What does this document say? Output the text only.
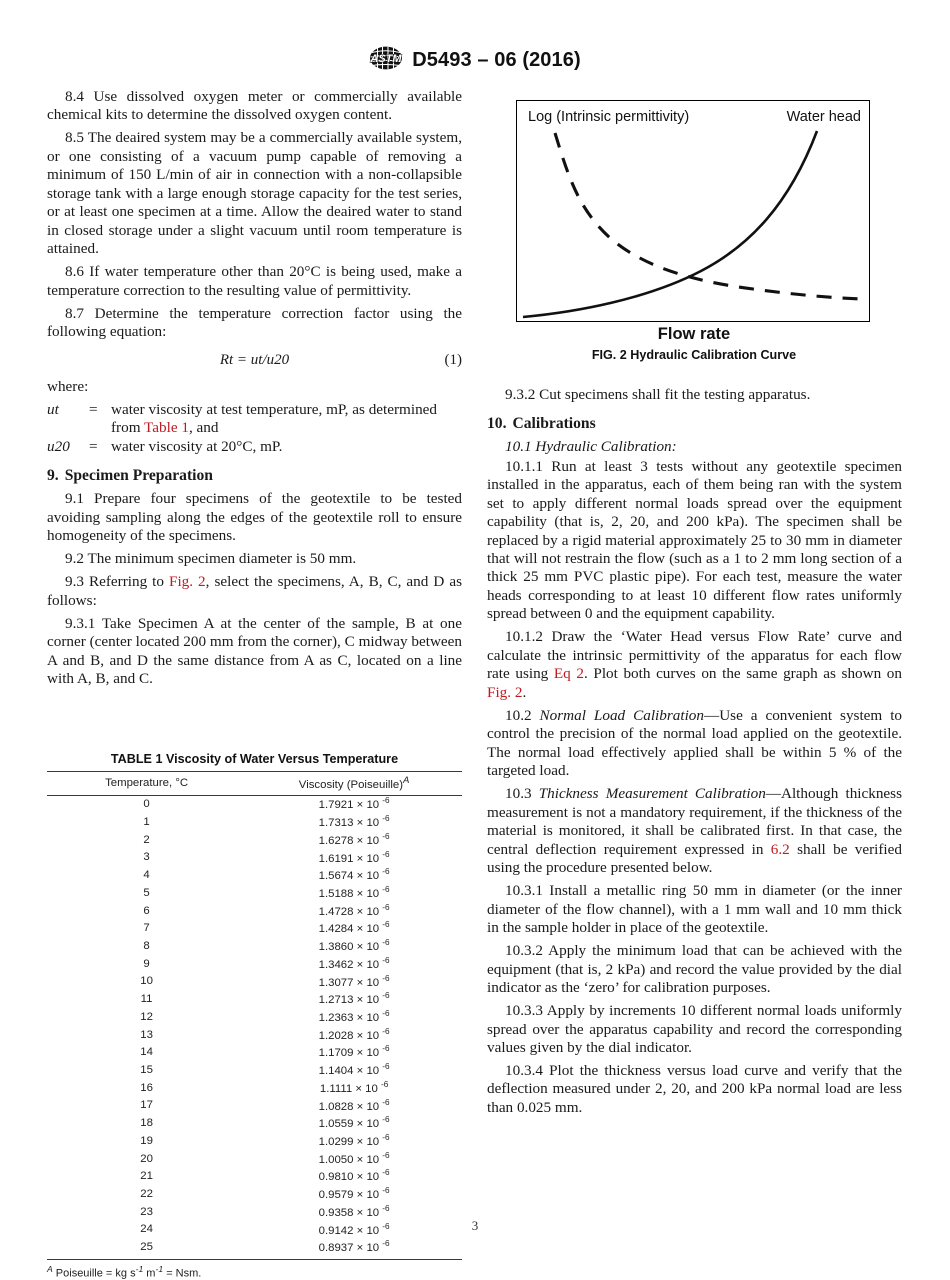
ASTM D5493 – 06 (2016)

8.4 Use dissolved oxygen meter or commercially available chemical kits to determine the dissolved oxygen content.

8.5 The deaired system may be a commercially available system, or one consisting of a vacuum pump capable of removing a minimum of 150 L/min of air in connection with a non-collapsible storage tank with a large enough storage capacity for the test series, or at least one specimen at a time. Allow the deaired water to stand in closed storage under a slight vacuum until room temperature is attained.

8.6 If water temperature other than 20°C is being used, make a temperature correction to the resulting value of permittivity.

8.7 Determine the temperature correction factor using the following equation:

Rt = ut/u20	(1)

where:

ut	= water viscosity at test temperature, mP, as determined from Table 1, and
u20	= water viscosity at 20°C, mP.
9. Specimen Preparation

9.1 Prepare four specimens of the geotextile to be tested avoiding sampling along the edges of the geotextile roll to ensure homogeneity of the specimens.

9.2 The minimum specimen diameter is 50 mm.

9.3 Referring to Fig. 2, select the specimens, A, B, C, and D as follows:

9.3.1 Take Specimen A at the center of the sample, B at one corner (center located 200 mm from the corner), C midway between A and B, and D the same distance from A as C, located on a line with A, B, and C.

Log (Intrinsic permittivity)	Water head
Flow rate
FIG. 2 Hydraulic Calibration Curve
TABLE 1 Viscosity of Water Versus Temperature
Temperature, °C	Viscosity (Poiseuille)$^A$
0	1.7921 × 10 $^{-6}$
1	1.7313 × 10 $^{-6}$
2	1.6278 × 10 $^{-6}$
3	1.6191 × 10 $^{-6}$
4	1.5674 × 10 $^{-6}$
5	1.5188 × 10 $^{-6}$
6	1.4728 × 10 $^{-6}$
7	1.4284 × 10 $^{-6}$
8	1.3860 × 10 $^{-6}$
9	1.3462 × 10 $^{-6}$
10	1.3077 × 10 $^{-6}$
11	1.2713 × 10 $^{-6}$
12	1.2363 × 10 $^{-6}$
13	1.2028 × 10 $^{-6}$
14	1.1709 × 10 $^{-6}$
15	1.1404 × 10 $^{-6}$
16	1.1111 × 10 $^{-6}$
17	1.0828 × 10 $^{-6}$
18	1.0559 × 10 $^{-6}$
19	1.0299 × 10 $^{-6}$
20	1.0050 × 10 $^{-6}$
21	0.9810 × 10 $^{-6}$
22	0.9579 × 10 $^{-6}$
23	0.9358 × 10 $^{-6}$
24	0.9142 × 10 $^{-6}$
25	0.8937 × 10 $^{-6}$
$^A$ Poiseuille = kg $s^{-1}$ $m^{-1}$ = Nsm.

9.3.2 Cut specimens shall fit the testing apparatus.

10. Calibrations

10.1 Hydraulic Calibration:

10.1.1 Run at least 3 tests without any geotextile specimen installed in the apparatus, each of them being ran with the system set to apply different normal loads spread over the equipment capability (that is, 2, 20, and 200 kPa). The specimen shall be replaced by a rigid material approximately 25 to 30 mm in diameter that will not restrain the flow (such as a 1 to 2 mm long section of a thick 25 mm PVC plastic pipe). For each test, measure the water heads corresponding to at least 10 different flow rates uniformly spread between 0 and the equipment capability.

10.1.2 Draw the ‘Water Head versus Flow Rate’ curve and calculate the intrinsic permittivity of the apparatus for each flow rate using Eq 2. Plot both curves on the same graph as shown on Fig. 2.

10.2 Normal Load Calibration—Use a convenient system to control the precision of the normal load applied on the geotextile. The normal load effectively applied shall be within 5 % of the targeted load.

10.3 Thickness Measurement Calibration—Although thickness measurement is not a mandatory requirement, if the thickness of the material is monitored, it shall be calibrated first. In that case, the central deflection requirement expressed in 6.2 shall be verified using the procedure presented below.

10.3.1 Install a metallic ring 50 mm in diameter (or the inner diameter of the flow channel), with a 1 mm wall and 10 mm thick in the sample holder in place of the geotextile.

10.3.2 Apply the minimum load that can be achieved with the equipment (that is, 2 kPa) and record the value provided by the dial indicator as the ‘zero’ for calibration purposes.

10.3.3 Apply by increments 10 different normal loads uniformly spread over the apparatus capability and record the corresponding values given by the dial indicator.

10.3.4 Plot the thickness versus load curve and verify that the deflection measured under 2, 20, and 200 kPa normal load are less than 0.025 mm.

3
